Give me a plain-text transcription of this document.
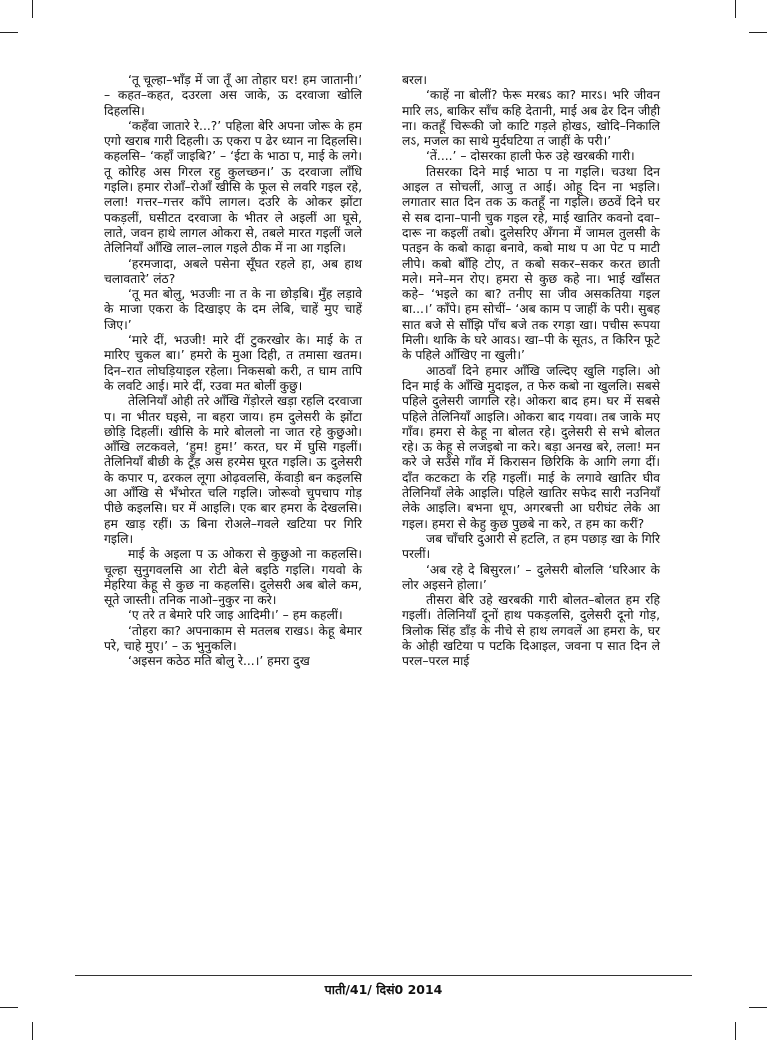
‘तू चूल्हा–भाँड़ में जा तूँ आ तोहार घर! हम जातानी।’ – कहत–कहत, दउरला अस जाके, ऊ दरवाजा खोलि दिहलसि।

‘कहँवा जातारे रे...?’ पहिला बेरि अपना जोरू के हम एगो खराब गारी दिहली। ऊ एकरा प ढेर ध्यान ना दिहलसि। कहलसि– ‘कहाँ जाइबि?’ – ‘ईटा के भाठा प, माई के लगे। तू कोरिह अस गिरल रहु कुलच्छन।’ ऊ दरवाजा लाँधि गइलि। हमार रोआँ–रोआँ खीसि के फूल से लवरि गइल रहे, लला! गत्तर–गत्तर काँपे लागल। दउरि के ओकर झोंटा पकड़लीं, घसीटत दरवाजा के भीतर ले अइलीं आ घूसे, लाते, जवन हाथे लागल ओकरा से, तबले मारत गइलीं जले तेलिनियाँ आँखि लाल–लाल गइले ठीक में ना आ गइलि।

‘हरमजादा, अबले पसेना सूँघत रहले हा, अब हाथ चलावतारे’ लंठ?

‘तू मत बोलु, भउजीः ना त के ना छोड़बि। मुँह लड़ावे के माजा एकरा के दिखाइए के दम लेबि, चाहें मुए चाहें जिए।’

‘मारे दीं, भउजी! मारे दीं टुकरखोर के। माई के त मारिए चुकल बा।’ हमरो के मुआ दिही, त तमासा खतम। दिन–रात लोघड़ियाइल रहेला। निकसबो करी, त घाम तापि के लवटि आई। मारे दीं, रउवा मत बोलीं कुछु।

तेलिनियाँ ओही तरे आँखि गेंड़ोरले खड़ा रहलि दरवाजा प। ना भीतर घइसे, ना बहरा जाय। हम दुलेसरी के झोंटा छोड़ि दिहलीं। खीसि के मारे बोललो ना जात रहे कुछुओ। आँखि लटकवले, ‘हुम! हुम!’ करत, घर में घुसि गइलीं। तेलिनियाँ बीछी के टूँड़ अस हरमेस घूरत गइलि। ऊ दुलेसरी के कपार प, ढरकल लूगा ओढ़वलसि, केंवाड़ी बन कइलसि आ आँखि से भँभोरत चलि गइलि। जोरूवो चुपचाप गोड़ पीछे कइलसि। घर में आइलि। एक बार हमरा के देखलसि। हम खाड़ रहीं। ऊ बिना रोअले–गवले खटिया पर गिरि गइलि।

माई के अइला प ऊ ओकरा से कुछुओ ना कहलसि। चूल्हा सुनुगवलसि आ रोटी बेले बइठि गइलि। गयवो के मेहरिया केहू से कुछ ना कहलसि। दुलेसरी अब बोले कम, सूते जास्ती। तनिक नाओ–नुकुर ना करे।

‘ए तरे त बेमारे परि जाइ आदिमी।’ – हम कहलीं।

‘तोहरा का? अपनाकाम से मतलब राखऽ। केहू बेमार परे, चाहे मुए।’ – ऊ भुनुकलि।

‘अइसन कठेठ मति बोलु रे...।’ हमरा दुख

बरल।

‘काहें ना बोलीं? फेरू मरबऽ का? मारऽ। भरि जीवन मारि लऽ, बाकिर साँच कहि देतानी, माई अब ढेर दिन जीही ना। कतहूँ चिरूकी जो काटि गड़ले होखऽ, खोदि–निकालि लऽ, मजल का साथे मुर्दघटिया त जाहीं के परी।’

‘तें....’ – दोसरका हाली फेरु उहे खरबकी गारी।

तिसरका दिने माई भाठा प ना गइलि। चउथा दिन आइल त सोचलीं, आजु त आई। ओहू दिन ना भइलि। लगातार सात दिन तक ऊ कतहूँ ना गइलि। छठवें दिने घर से सब दाना–पानी चुक गइल रहे, माई खातिर कवनो दवा–दारू ना कइलीं तबो। दुलेसरिए अँगना में जामल तुलसी के पतइन के कबो काढ़ा बनावे, कबो माथ प आ पेट प माटी लीपे। कबो बाँहि टोए, त कबो सकर–सकर करत छाती मले। मने–मन रोए। हमरा से कुछ कहे ना। भाई खाँसत कहे– ‘भइले का बा? तनीए सा जीव असकतिया गइल बा...।’ काँपे। हम सोचीं– ‘अब काम प जाहीं के परी। सुबह सात बजे से साँझि पाँच बजे तक रगड़ा खा। पचीस रूपया मिली। थाकि के घरे आवऽ। खा–पी के सूतऽ, त किरिन फूटे के पहिले आँखिए ना खुली।’

आठवाँ दिने हमार आँखि जल्दिए खुलि गइलि। ओ दिन माई के आँखि मुदाइल, त फेरु कबो ना खुललि। सबसे पहिले दुलेसरी जागलि रहे। ओकरा बाद हम। घर में सबसे पहिले तेलिनियाँ आइलि। ओकरा बाद गयवा। तब जाके मए गाँव। हमरा से केहू ना बोलत रहे। दुलेसरी से सभे बोलत रहे। ऊ केहू से लजइबो ना करे। बड़ा अनख बरे, लला! मन करे जे सउँसे गाँव में किरासन छिरिकि के आगि लगा दीं। दाँत कटकटा के रहि गइलीं। माई के लगावे खातिर घीव तेलिनियाँ लेके आइलि। पहिले खातिर सफेद सारी नउनियाँ लेके आइलि। बभना धूप, अगरबत्ती आ घरीघंट लेके आ गइल। हमरा से केहु कुछ पुछबे ना करे, त हम का करीं?

जब चाँचरि दुआरी से हटलि, त हम पछाड़ खा के गिरि परलीं।

‘अब रहे दे बिसुरल।’ – दुलेसरी बोललि ‘घरिआर के लोर अइसने होला।’

तीसरा बेरि उहे खरबकी गारी बोलत–बोलत हम रहि गइलीं। तेलिनियाँ दूनों हाथ पकड़लसि, दुलेसरी दूनो गोड़, त्रिलोक सिंह डाँड़ के नीचे से हाथ लगवलें आ हमरा के, घर के ओही खटिया प पटकि दिआइल, जवना प सात दिन ले परल–परल माई

पाती/41/ दिसं0 2014
